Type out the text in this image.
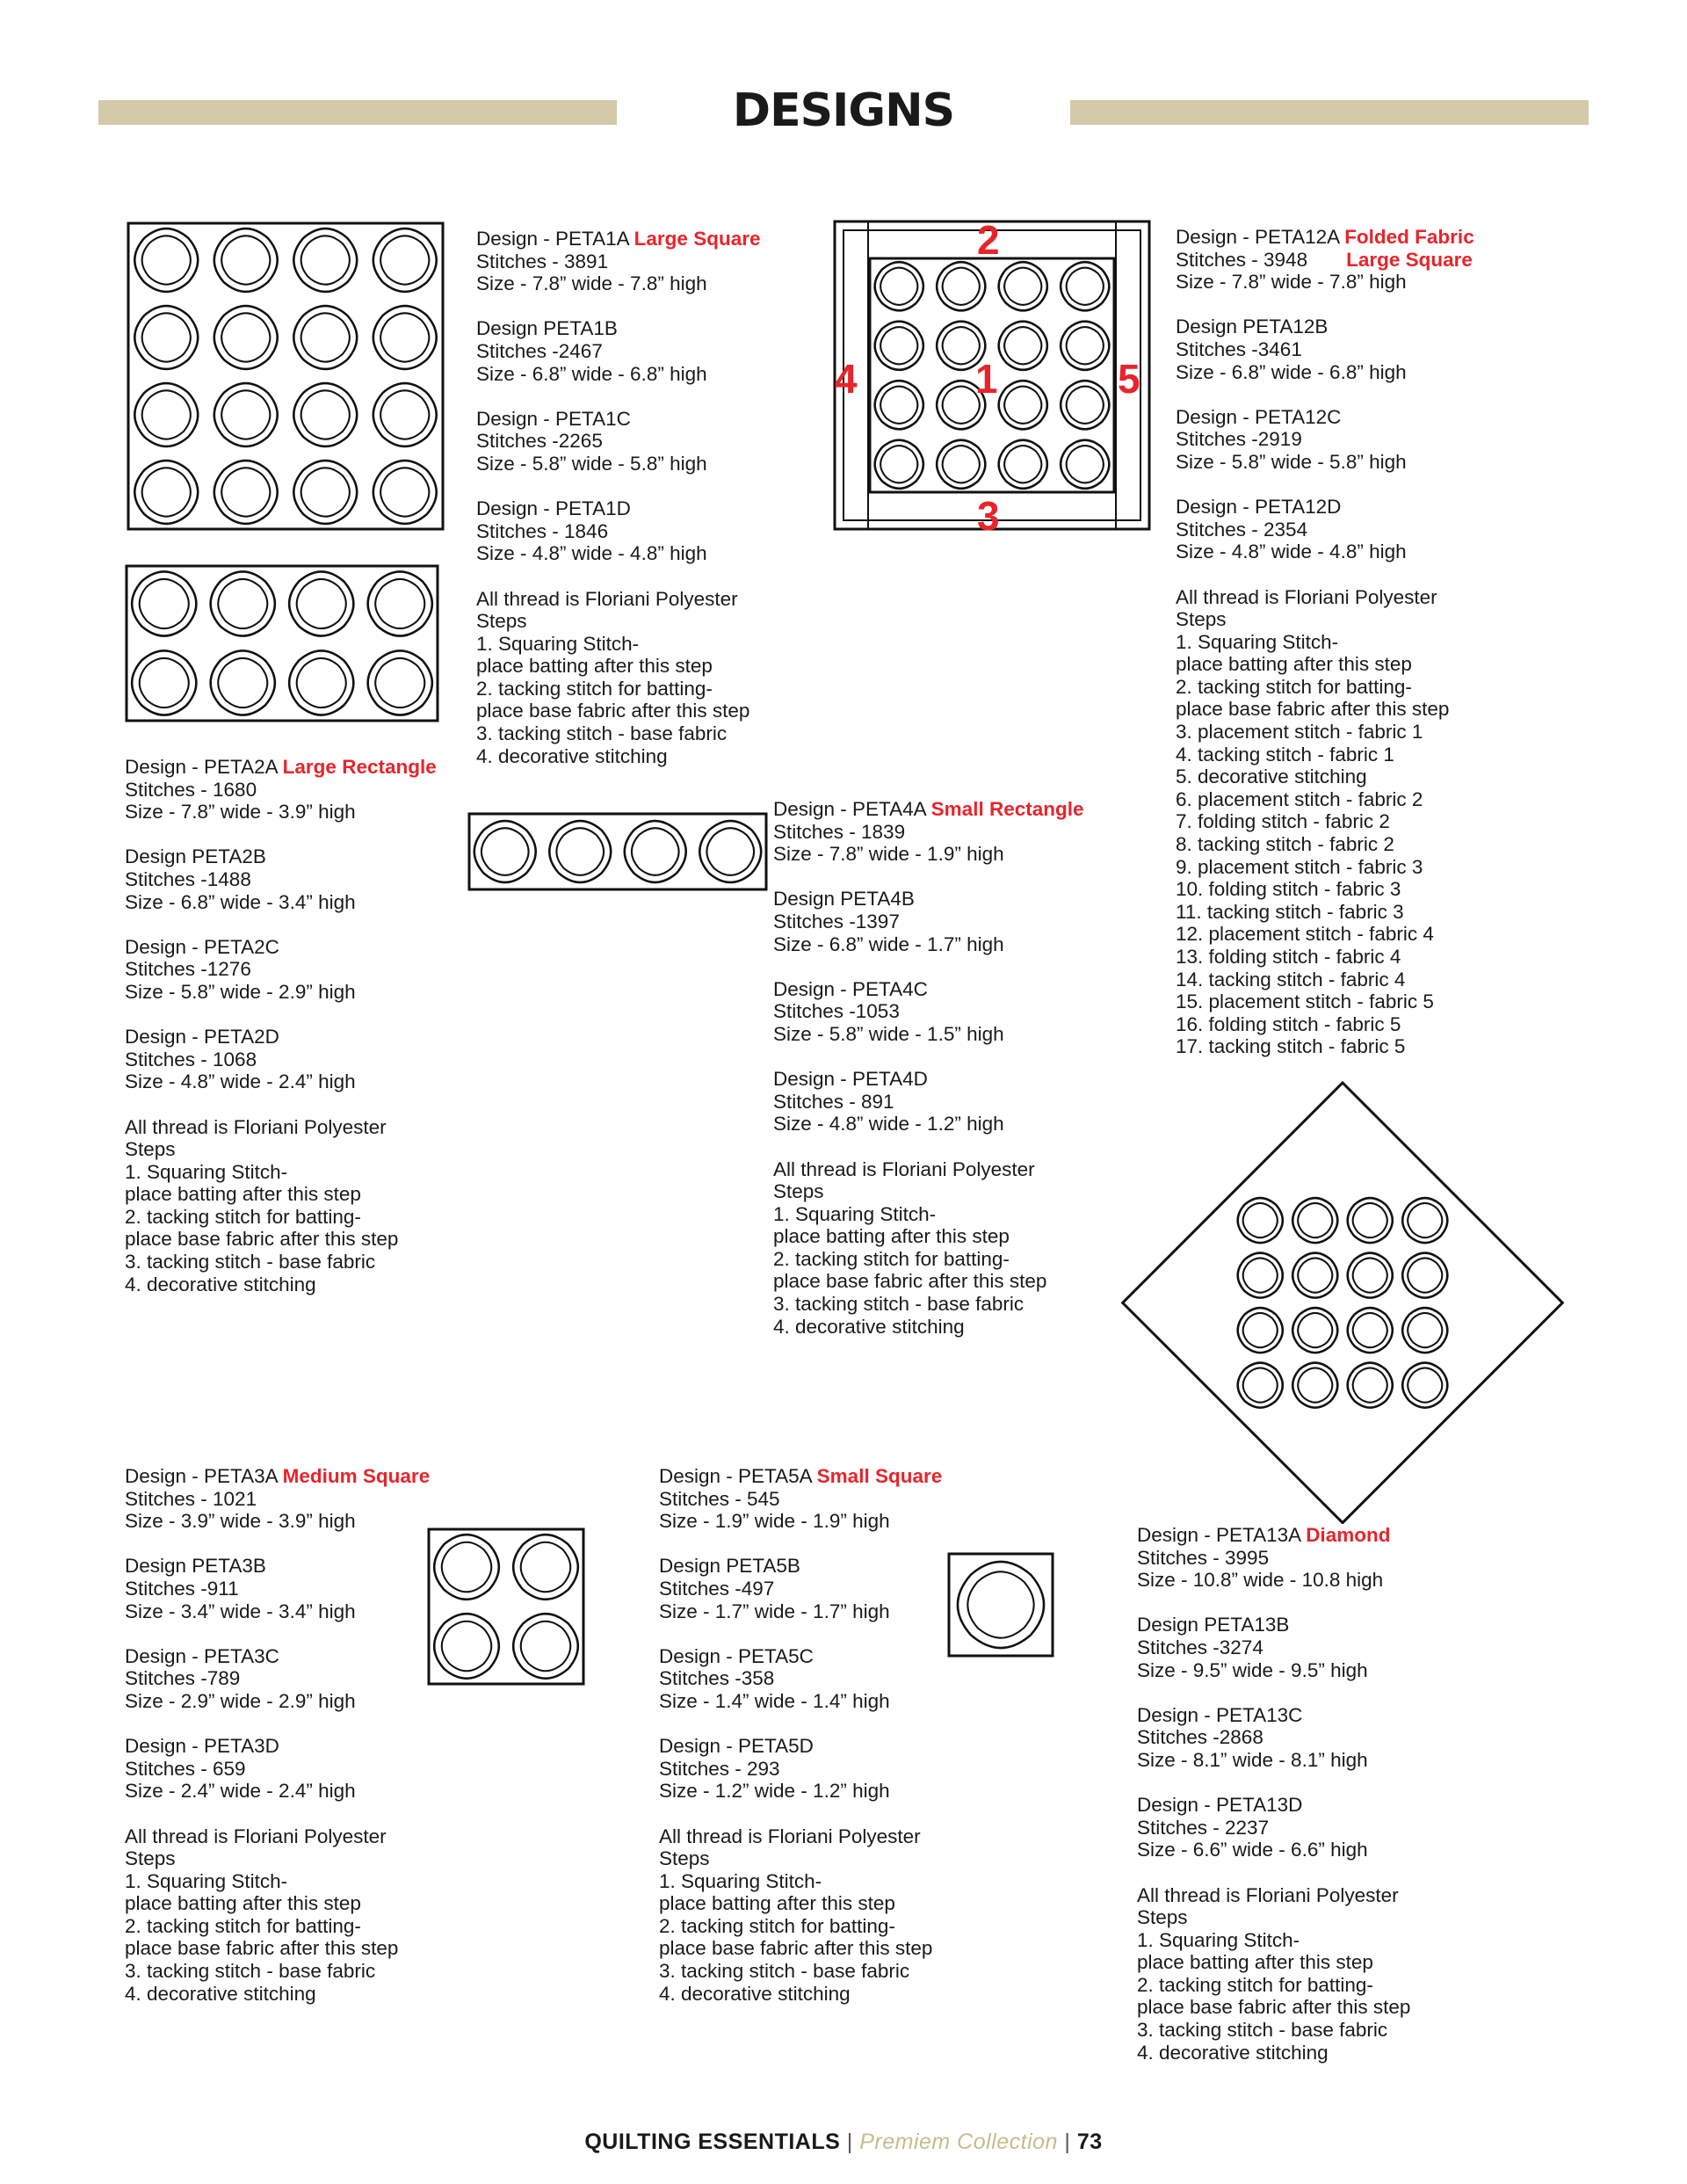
DESIGNS
2
4	1	5
3
Design - PETA1A Large Square
Stitches - 3891
Size - 7.8” wide - 7.8” high
Design PETA1B
Stitches -2467
Size - 6.8” wide - 6.8” high
Design - PETA1C
Stitches -2265
Size - 5.8” wide - 5.8” high
Design - PETA1D
Stitches - 1846
Size - 4.8” wide - 4.8” high
All thread is Floriani Polyester
Steps
1. Squaring Stitch-
place batting after this step
2. tacking stitch for batting-
place base fabric after this step
3. tacking stitch - base fabric
4. decorative stitching
Design - PETA2A Large Rectangle
Stitches - 1680
Size - 7.8” wide - 3.9” high
Design PETA2B
Stitches -1488
Size - 6.8” wide - 3.4” high
Design - PETA2C
Stitches -1276
Size - 5.8” wide - 2.9” high
Design - PETA2D
Stitches - 1068
Size - 4.8” wide - 2.4” high
All thread is Floriani Polyester
Steps
1. Squaring Stitch-
place batting after this step
2. tacking stitch for batting-
place base fabric after this step
3. tacking stitch - base fabric
4. decorative stitching
Design - PETA4A Small Rectangle
Stitches - 1839
Size - 7.8” wide - 1.9” high
Design PETA4B
Stitches -1397
Size - 6.8” wide - 1.7” high
Design - PETA4C
Stitches -1053
Size - 5.8” wide - 1.5” high
Design - PETA4D
Stitches - 891
Size - 4.8” wide - 1.2” high
All thread is Floriani Polyester
Steps
1. Squaring Stitch-
place batting after this step
2. tacking stitch for batting-
place base fabric after this step
3. tacking stitch - base fabric
4. decorative stitching
Design - PETA12A Folded Fabric
Stitches - 3948 Large Square
Size - 7.8” wide - 7.8” high
Design PETA12B
Stitches -3461
Size - 6.8” wide - 6.8” high
Design - PETA12C
Stitches -2919
Size - 5.8” wide - 5.8” high
Design - PETA12D
Stitches - 2354
Size - 4.8” wide - 4.8” high
All thread is Floriani Polyester
Steps
1. Squaring Stitch-
place batting after this step
2. tacking stitch for batting-
place base fabric after this step
3. placement stitch - fabric 1
4. tacking stitch - fabric 1
5. decorative stitching
6. placement stitch - fabric 2
7. folding stitch - fabric 2
8. tacking stitch - fabric 2
9. placement stitch - fabric 3
10. folding stitch - fabric 3
11. tacking stitch - fabric 3
12. placement stitch - fabric 4
13. folding stitch - fabric 4
14. tacking stitch - fabric 4
15. placement stitch - fabric 5
16. folding stitch - fabric 5
17. tacking stitch - fabric 5
Design - PETA3A Medium Square
Stitches - 1021
Size - 3.9” wide - 3.9” high
Design PETA3B
Stitches -911
Size - 3.4” wide - 3.4” high
Design - PETA3C
Stitches -789
Size - 2.9” wide - 2.9” high
Design - PETA3D
Stitches - 659
Size - 2.4” wide - 2.4” high
All thread is Floriani Polyester
Steps
1. Squaring Stitch-
place batting after this step
2. tacking stitch for batting-
place base fabric after this step
3. tacking stitch - base fabric
4. decorative stitching
Design - PETA5A Small Square
Stitches - 545
Size - 1.9” wide - 1.9” high
Design PETA5B
Stitches -497
Size - 1.7” wide - 1.7” high
Design - PETA5C
Stitches -358
Size - 1.4” wide - 1.4” high
Design - PETA5D
Stitches - 293
Size - 1.2” wide - 1.2” high
All thread is Floriani Polyester
Steps
1. Squaring Stitch-
place batting after this step
2. tacking stitch for batting-
place base fabric after this step
3. tacking stitch - base fabric
4. decorative stitching
Design - PETA13A Diamond
Stitches - 3995
Size - 10.8” wide - 10.8 high
Design PETA13B
Stitches -3274
Size - 9.5” wide - 9.5” high
Design - PETA13C
Stitches -2868
Size - 8.1” wide - 8.1” high
Design - PETA13D
Stitches - 2237
Size - 6.6” wide - 6.6” high
All thread is Floriani Polyester
Steps
1. Squaring Stitch-
place batting after this step
2. tacking stitch for batting-
place base fabric after this step
3. tacking stitch - base fabric
4. decorative stitching
QUILTING ESSENTIALS | Premiem Collection | 73
